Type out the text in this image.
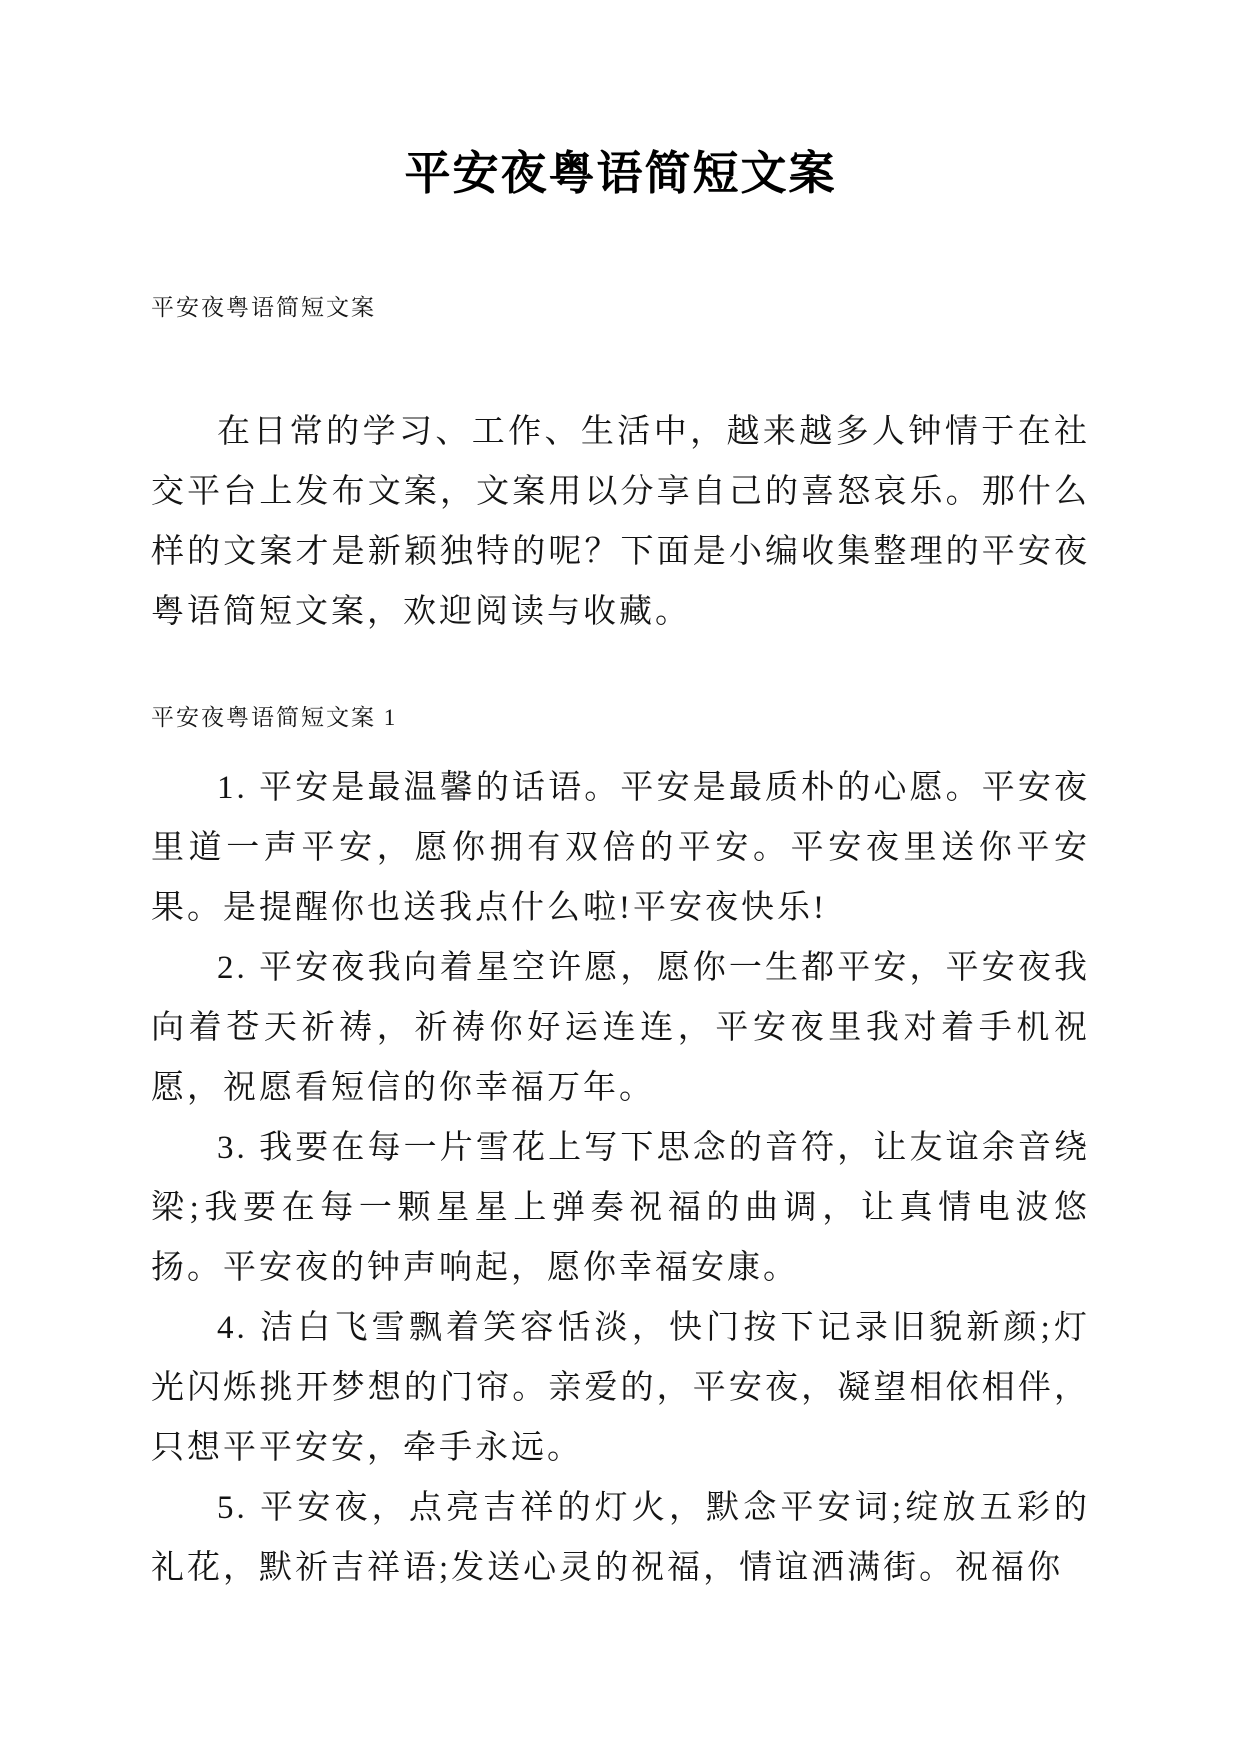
平安夜粤语简短文案

平安夜粤语简短文案

在日常的学习、工作、生活中，越来越多人钟情于在社交平台上发布文案，文案用以分享自己的喜怒哀乐。那什么样的文案才是新颖独特的呢？下面是小编收集整理的平安夜粤语简短文案，欢迎阅读与收藏。

平安夜粤语简短文案 1

1. 平安是最温馨的话语。平安是最质朴的心愿。平安夜里道一声平安，愿你拥有双倍的平安。平安夜里送你平安果。是提醒你也送我点什么啦!平安夜快乐!

2. 平安夜我向着星空许愿，愿你一生都平安，平安夜我向着苍天祈祷，祈祷你好运连连，平安夜里我对着手机祝愿，祝愿看短信的你幸福万年。

3. 我要在每一片雪花上写下思念的音符，让友谊余音绕梁;我要在每一颗星星上弹奏祝福的曲调，让真情电波悠扬。平安夜的钟声响起，愿你幸福安康。

4. 洁白飞雪飘着笑容恬淡，快门按下记录旧貌新颜;灯光闪烁挑开梦想的门帘。亲爱的，平安夜，凝望相依相伴，只想平平安安，牵手永远。

5. 平安夜，点亮吉祥的灯火，默念平安词;绽放五彩的礼花，默祈吉祥语;发送心灵的祝福，情谊洒满街。祝福你
